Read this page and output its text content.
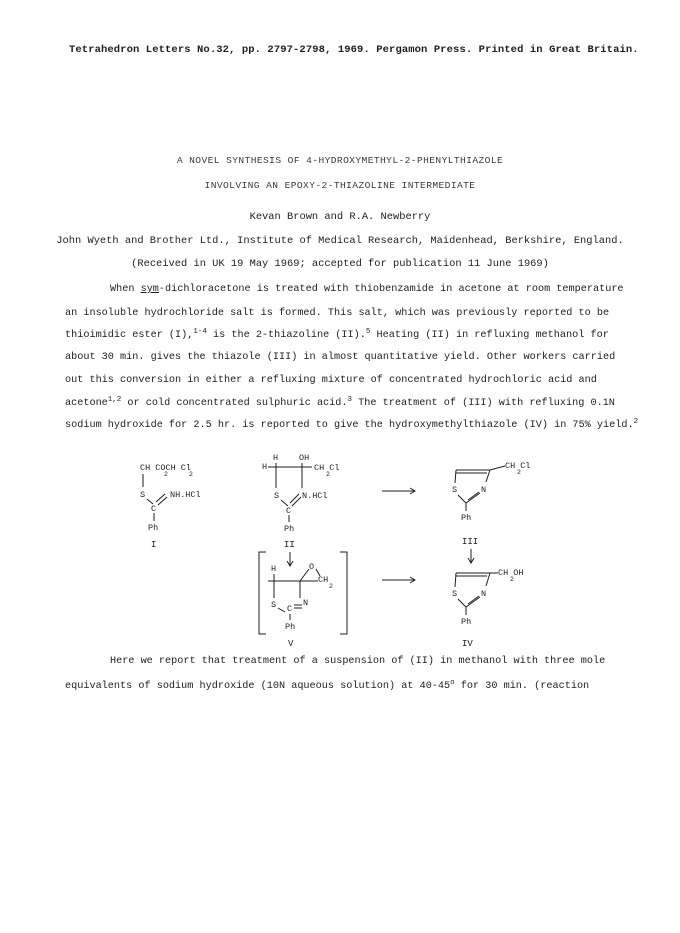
Tetrahedron Letters No.32, pp. 2797-2798, 1969. Pergamon Press. Printed in Great Britain.
A NOVEL SYNTHESIS OF 4-HYDROXYMETHYL-2-PHENYLTHIAZOLE
INVOLVING AN EPOXY-2-THIAZOLINE INTERMEDIATE
Kevan Brown and R.A. Newberry
John Wyeth and Brother Ltd., Institute of Medical Research, Maidenhead, Berkshire, England.
(Received in UK 19 May 1969; accepted for publication 11 June 1969)
When sym-dichloracetone is treated with thiobenzamide in acetone at room temperature
an insoluble hydrochloride salt is formed. This salt, which was previously reported to be
thioimidic ester (I),$^{1-4}$ is the 2-thiazoline (II).$^5$ Heating (II) in refluxing methanol for
about 30 min. gives the thiazole (III) in almost quantitative yield. Other workers carried
out this conversion in either a refluxing mixture of concentrated hydrochloric acid and
acetone$^{1,2}$ or cold concentrated sulphuric acid.$^3$ The treatment of (III) with refluxing 0.1N
sodium hydroxide for 2.5 hr. is reported to give the hydroxymethylthiazole (IV) in 75% yield.$^2$
CH COCH Cl
2	2
S	NH.HCl
C
Ph
I
H OH
H	CH Cl
2
S	N.HCl
C
Ph
II
CH Cl
2
S	N
Ph
III
H	O
CH
2
S	N
C
Ph
V
CH OH
2
S	N
Ph
IV
Here we report that treatment of a suspension of (II) in methanol with three mole
equivalents of sodium hydroxide (10N aqueous solution) at 40-45$^o$ for 30 min. (reaction
